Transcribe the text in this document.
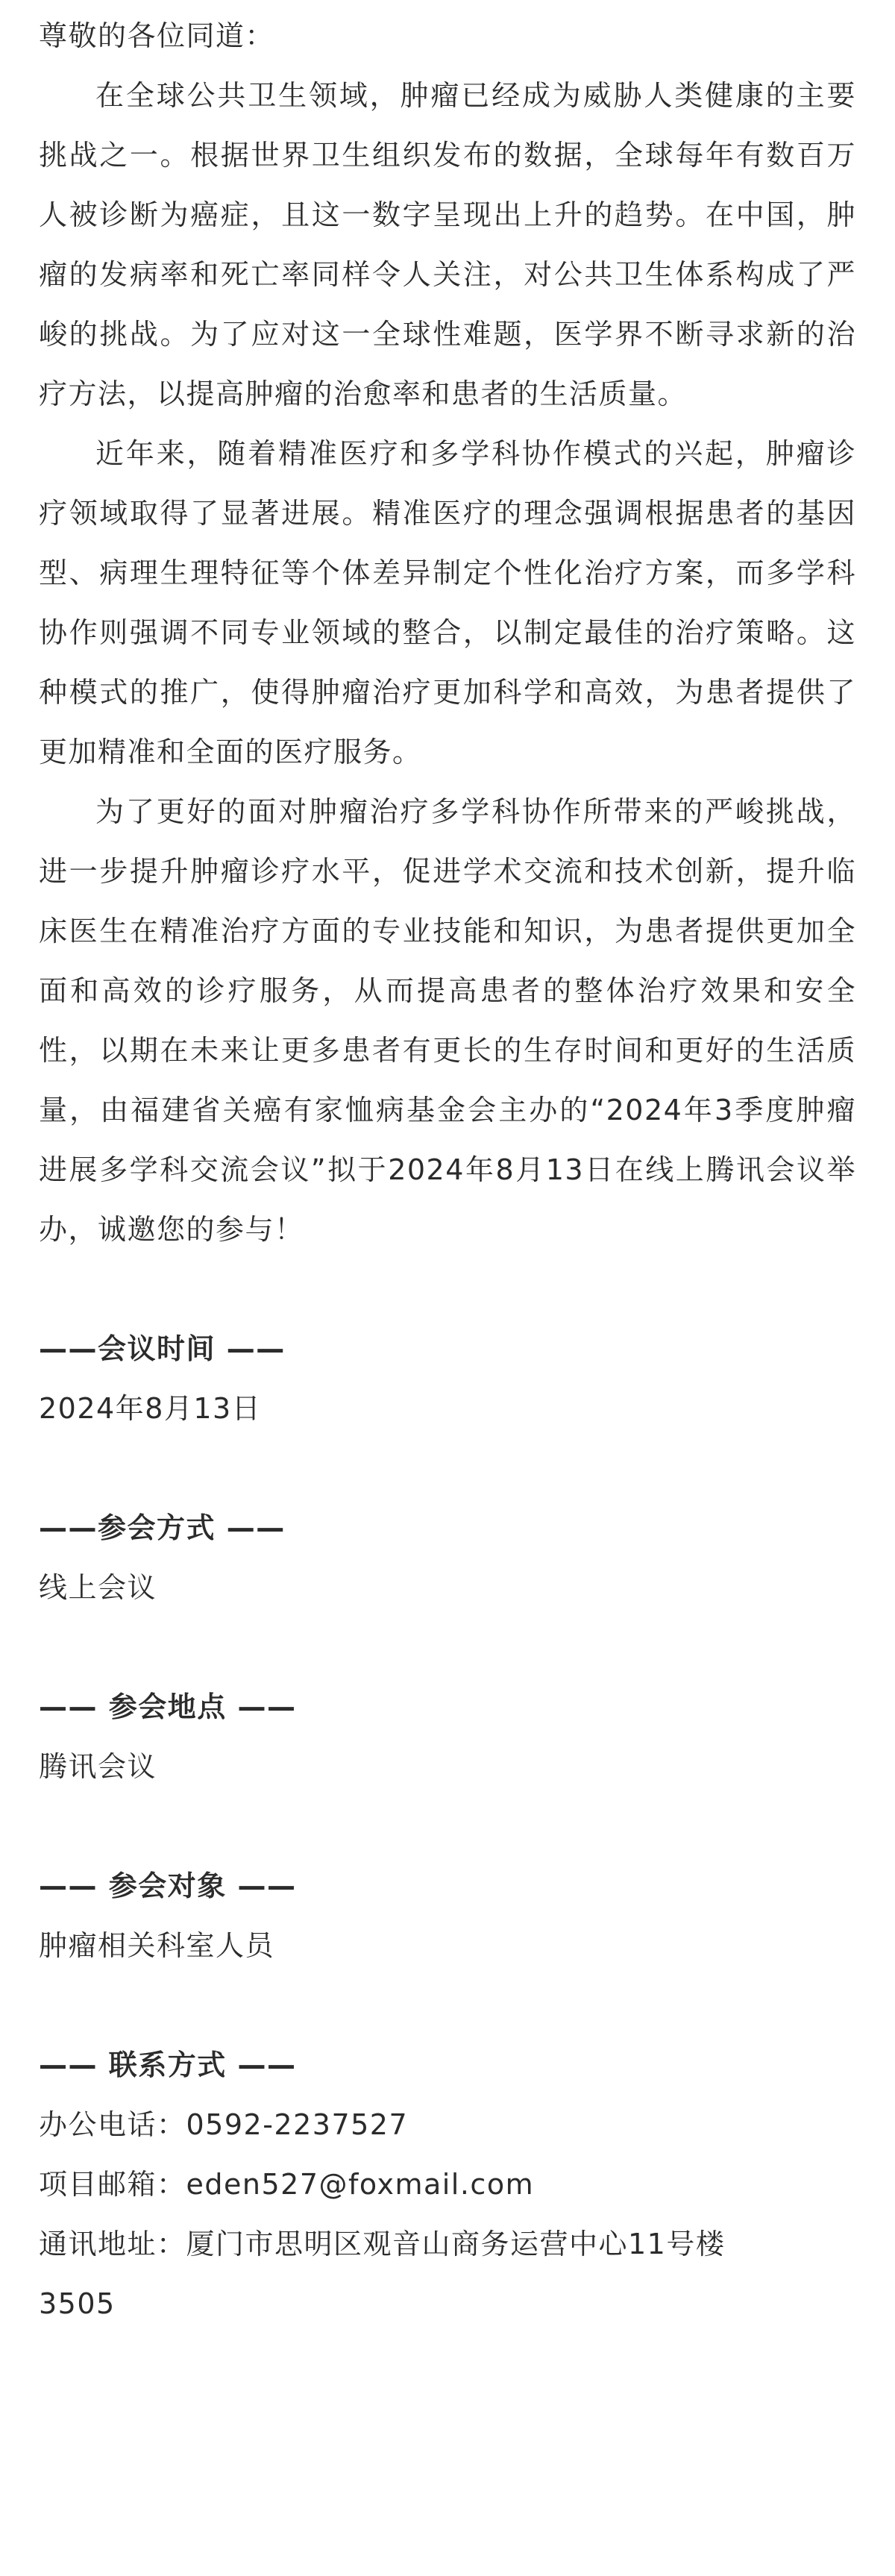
尊敬的各位同道：

在全球公共卫生领域，肿瘤已经成为威胁人类健康的主要挑战之一。根据世界卫生组织发布的数据，全球每年有数百万人被诊断为癌症，且这一数字呈现出上升的趋势。在中国，肿瘤的发病率和死亡率同样令人关注，对公共卫生体系构成了严峻的挑战。为了应对这一全球性难题，医学界不断寻求新的治疗方法，以提高肿瘤的治愈率和患者的生活质量。

近年来，随着精准医疗和多学科协作模式的兴起，肿瘤诊疗领域取得了显著进展。精准医疗的理念强调根据患者的基因型、病理生理特征等个体差异制定个性化治疗方案，而多学科协作则强调不同专业领域的整合，以制定最佳的治疗策略。这种模式的推广，使得肿瘤治疗更加科学和高效，为患者提供了更加精准和全面的医疗服务。

为了更好的面对肿瘤治疗多学科协作所带来的严峻挑战，进一步提升肿瘤诊疗水平，促进学术交流和技术创新，提升临床医生在精准治疗方面的专业技能和知识，为患者提供更加全面和高效的诊疗服务，从而提高患者的整体治疗效果和安全性，以期在未来让更多患者有更长的生存时间和更好的生活质量，由福建省关癌有家恤病基金会主办的“2024年3季度肿瘤进展多学科交流会议”拟于2024年8月13日在线上腾讯会议举办，诚邀您的参与！

——会议时间 ——

2024年8月13日

——参会方式 ——

线上会议

—— 参会地点 ——

腾讯会议

—— 参会对象 ——

肿瘤相关科室人员

—— 联系方式 ——

办公电话：0592-2237527

项目邮箱：eden527@foxmail.com

通讯地址：厦门市思明区观音山商务运营中心11号楼

3505
